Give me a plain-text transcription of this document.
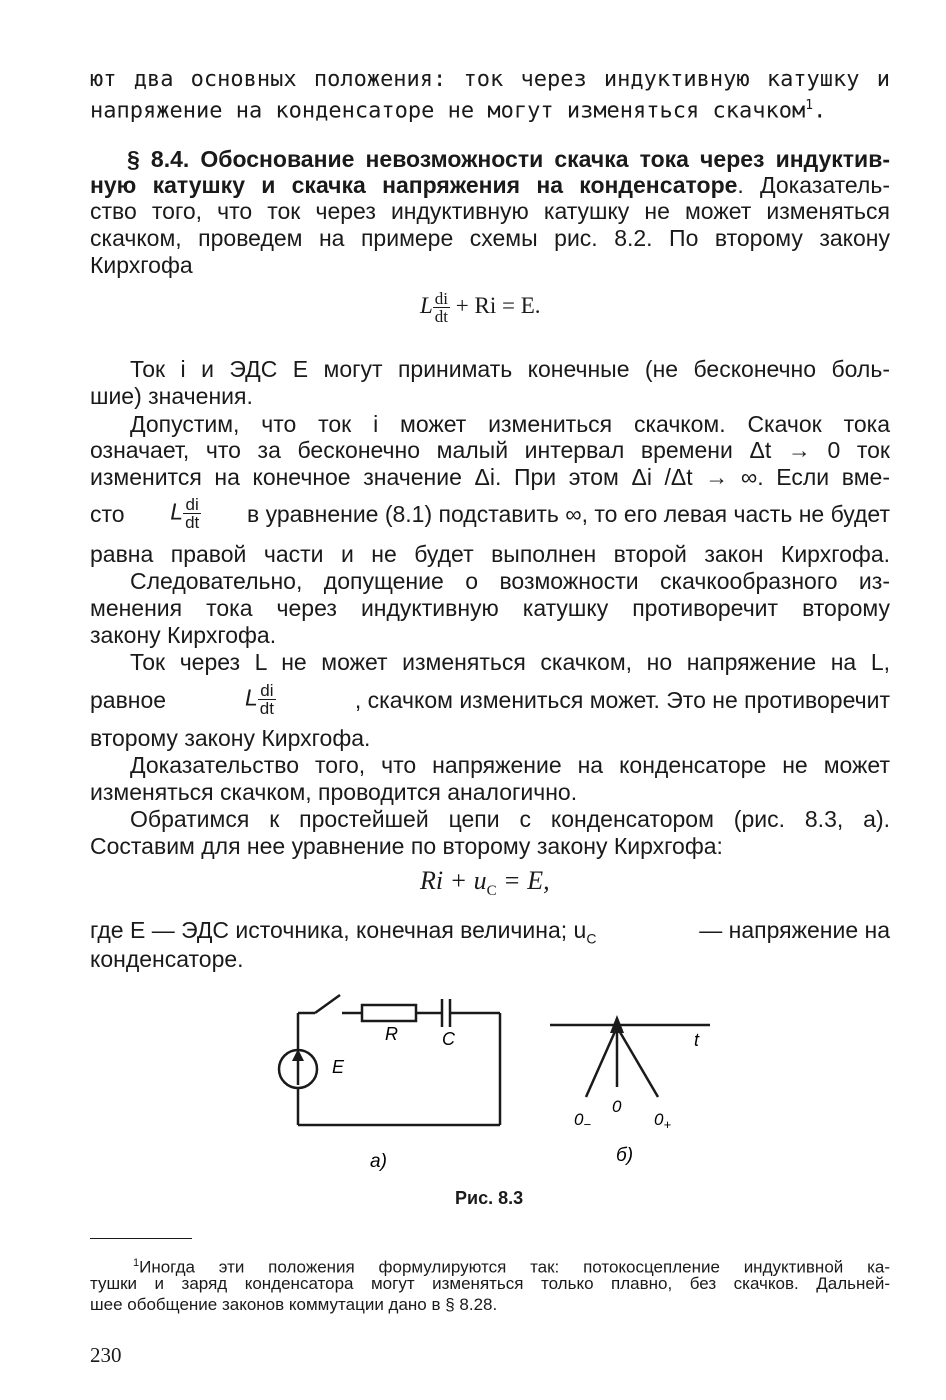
ют два основных положения: ток через индуктивную катушку и
напряжение на конденсаторе не могут изменяться скачком$^1$.
§ 8.4. Обоснование невозможности скачка тока через индуктив-
ную катушку и скачка напряжения на конденсаторе. Доказатель-
ство того, что ток через индуктивную катушку не может изменяться
скачком, проведем на примере схемы рис. 8.2. По второму закону
Кирхгофа
L $\frac{di}{dt} + Ri = E$.
Ток i и ЭДС E могут принимать конечные (не бесконечно боль-
шие) значения.
Допустим, что ток i может измениться скачком. Скачок тока
означает, что за бесконечно малый интервал времени Δt → 0 ток
изменится на конечное значение Δi. При этом Δi /Δt → ∞. Если вме-
сто L $\frac{di}{dt}$ в уравнение (8.1) подставить ∞, то его левая часть не будет
равна правой части и не будет выполнен второй закон Кирхгофа.
Следовательно, допущение о возможности скачкообразного из-
менения тока через индуктивную катушку противоречит второму
закону Кирхгофа.
Ток через L не может изменяться скачком, но напряжение на L,
равное	L $\frac{di}{dt}$	, скачком измениться может. Это не противоречит
второму закону Кирхгофа.
Доказательство того, что напряжение на конденсаторе не может
изменяться скачком, проводится аналогично.
Обратимся к простейшей цепи с конденсатором (рис. 8.3, a).
Составим для нее уравнение по второму закону Кирхгофа:
$Ri + u_C = E$,
где E — ЭДС источника, конечная величина; $u_C$	— напряжение на
конденсаторе.
R C
E
а)
t
$0_-$
0
$0_+$
б)
Рис. 8.3
$^1$Иногда эти положения формулируются так: потокосцепление индуктивной ка-
тушки и заряд конденсатора могут изменяться только плавно, без скачков. Дальней-
шее обобщение законов коммутации дано в § 8.28.
230
